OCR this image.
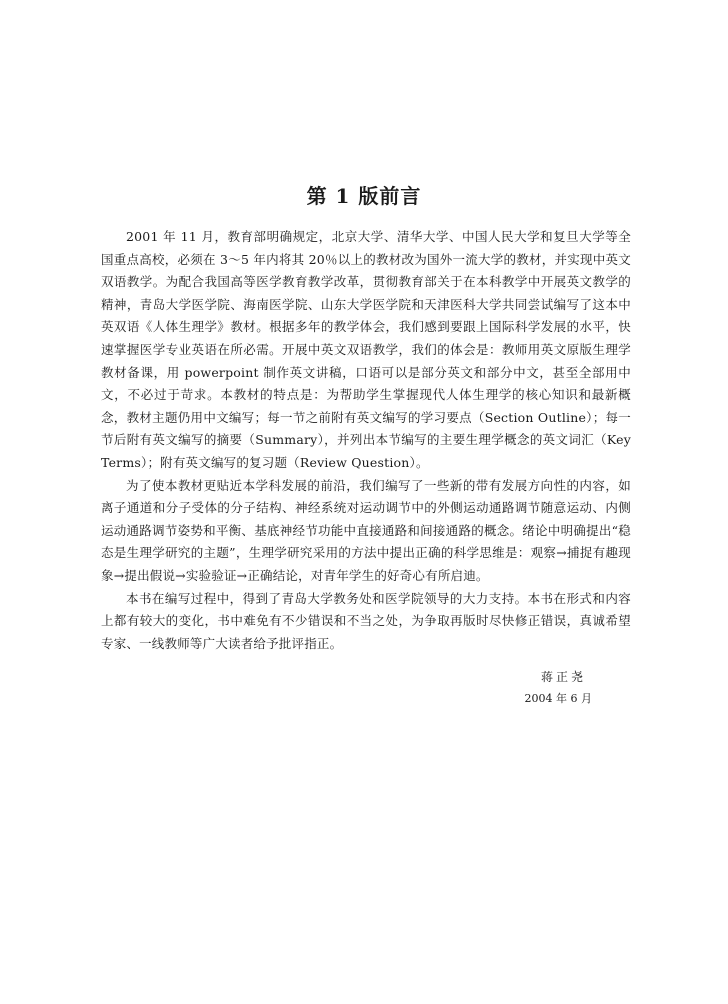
第 1 版前言

2001 年 11 月，教育部明确规定，北京大学、清华大学、中国人民大学和复旦大学等全国重点高校，必须在 3～5 年内将其 20％以上的教材改为国外一流大学的教材，并实现中英文双语教学。为配合我国高等医学教育教学改革，贯彻教育部关于在本科教学中开展英文教学的精神，青岛大学医学院、海南医学院、山东大学医学院和天津医科大学共同尝试编写了这本中英双语《人体生理学》教材。根据多年的教学体会，我们感到要跟上国际科学发展的水平，快速掌握医学专业英语在所必需。开展中英文双语教学，我们的体会是：教师用英文原版生理学教材备课，用 powerpoint 制作英文讲稿，口语可以是部分英文和部分中文，甚至全部用中文，不必过于苛求。本教材的特点是：为帮助学生掌握现代人体生理学的核心知识和最新概念，教材主题仍用中文编写；每一节之前附有英文编写的学习要点（Section Outline）；每一节后附有英文编写的摘要（Summary），并列出本节编写的主要生理学概念的英文词汇（Key Terms）；附有英文编写的复习题（Review Question）。

为了使本教材更贴近本学科发展的前沿，我们编写了一些新的带有发展方向性的内容，如离子通道和分子受体的分子结构、神经系统对运动调节中的外侧运动通路调节随意运动、内侧运动通路调节姿势和平衡、基底神经节功能中直接通路和间接通路的概念。绪论中明确提出“稳态是生理学研究的主题”，生理学研究采用的方法中提出正确的科学思维是：观察→捕捉有趣现象→提出假说→实验验证→正确结论，对青年学生的好奇心有所启迪。

本书在编写过程中，得到了青岛大学教务处和医学院领导的大力支持。本书在形式和内容上都有较大的变化，书中难免有不少错误和不当之处，为争取再版时尽快修正错误，真诚希望专家、一线教师等广大读者给予批评指正。

蒋正尧
2004 年 6 月
